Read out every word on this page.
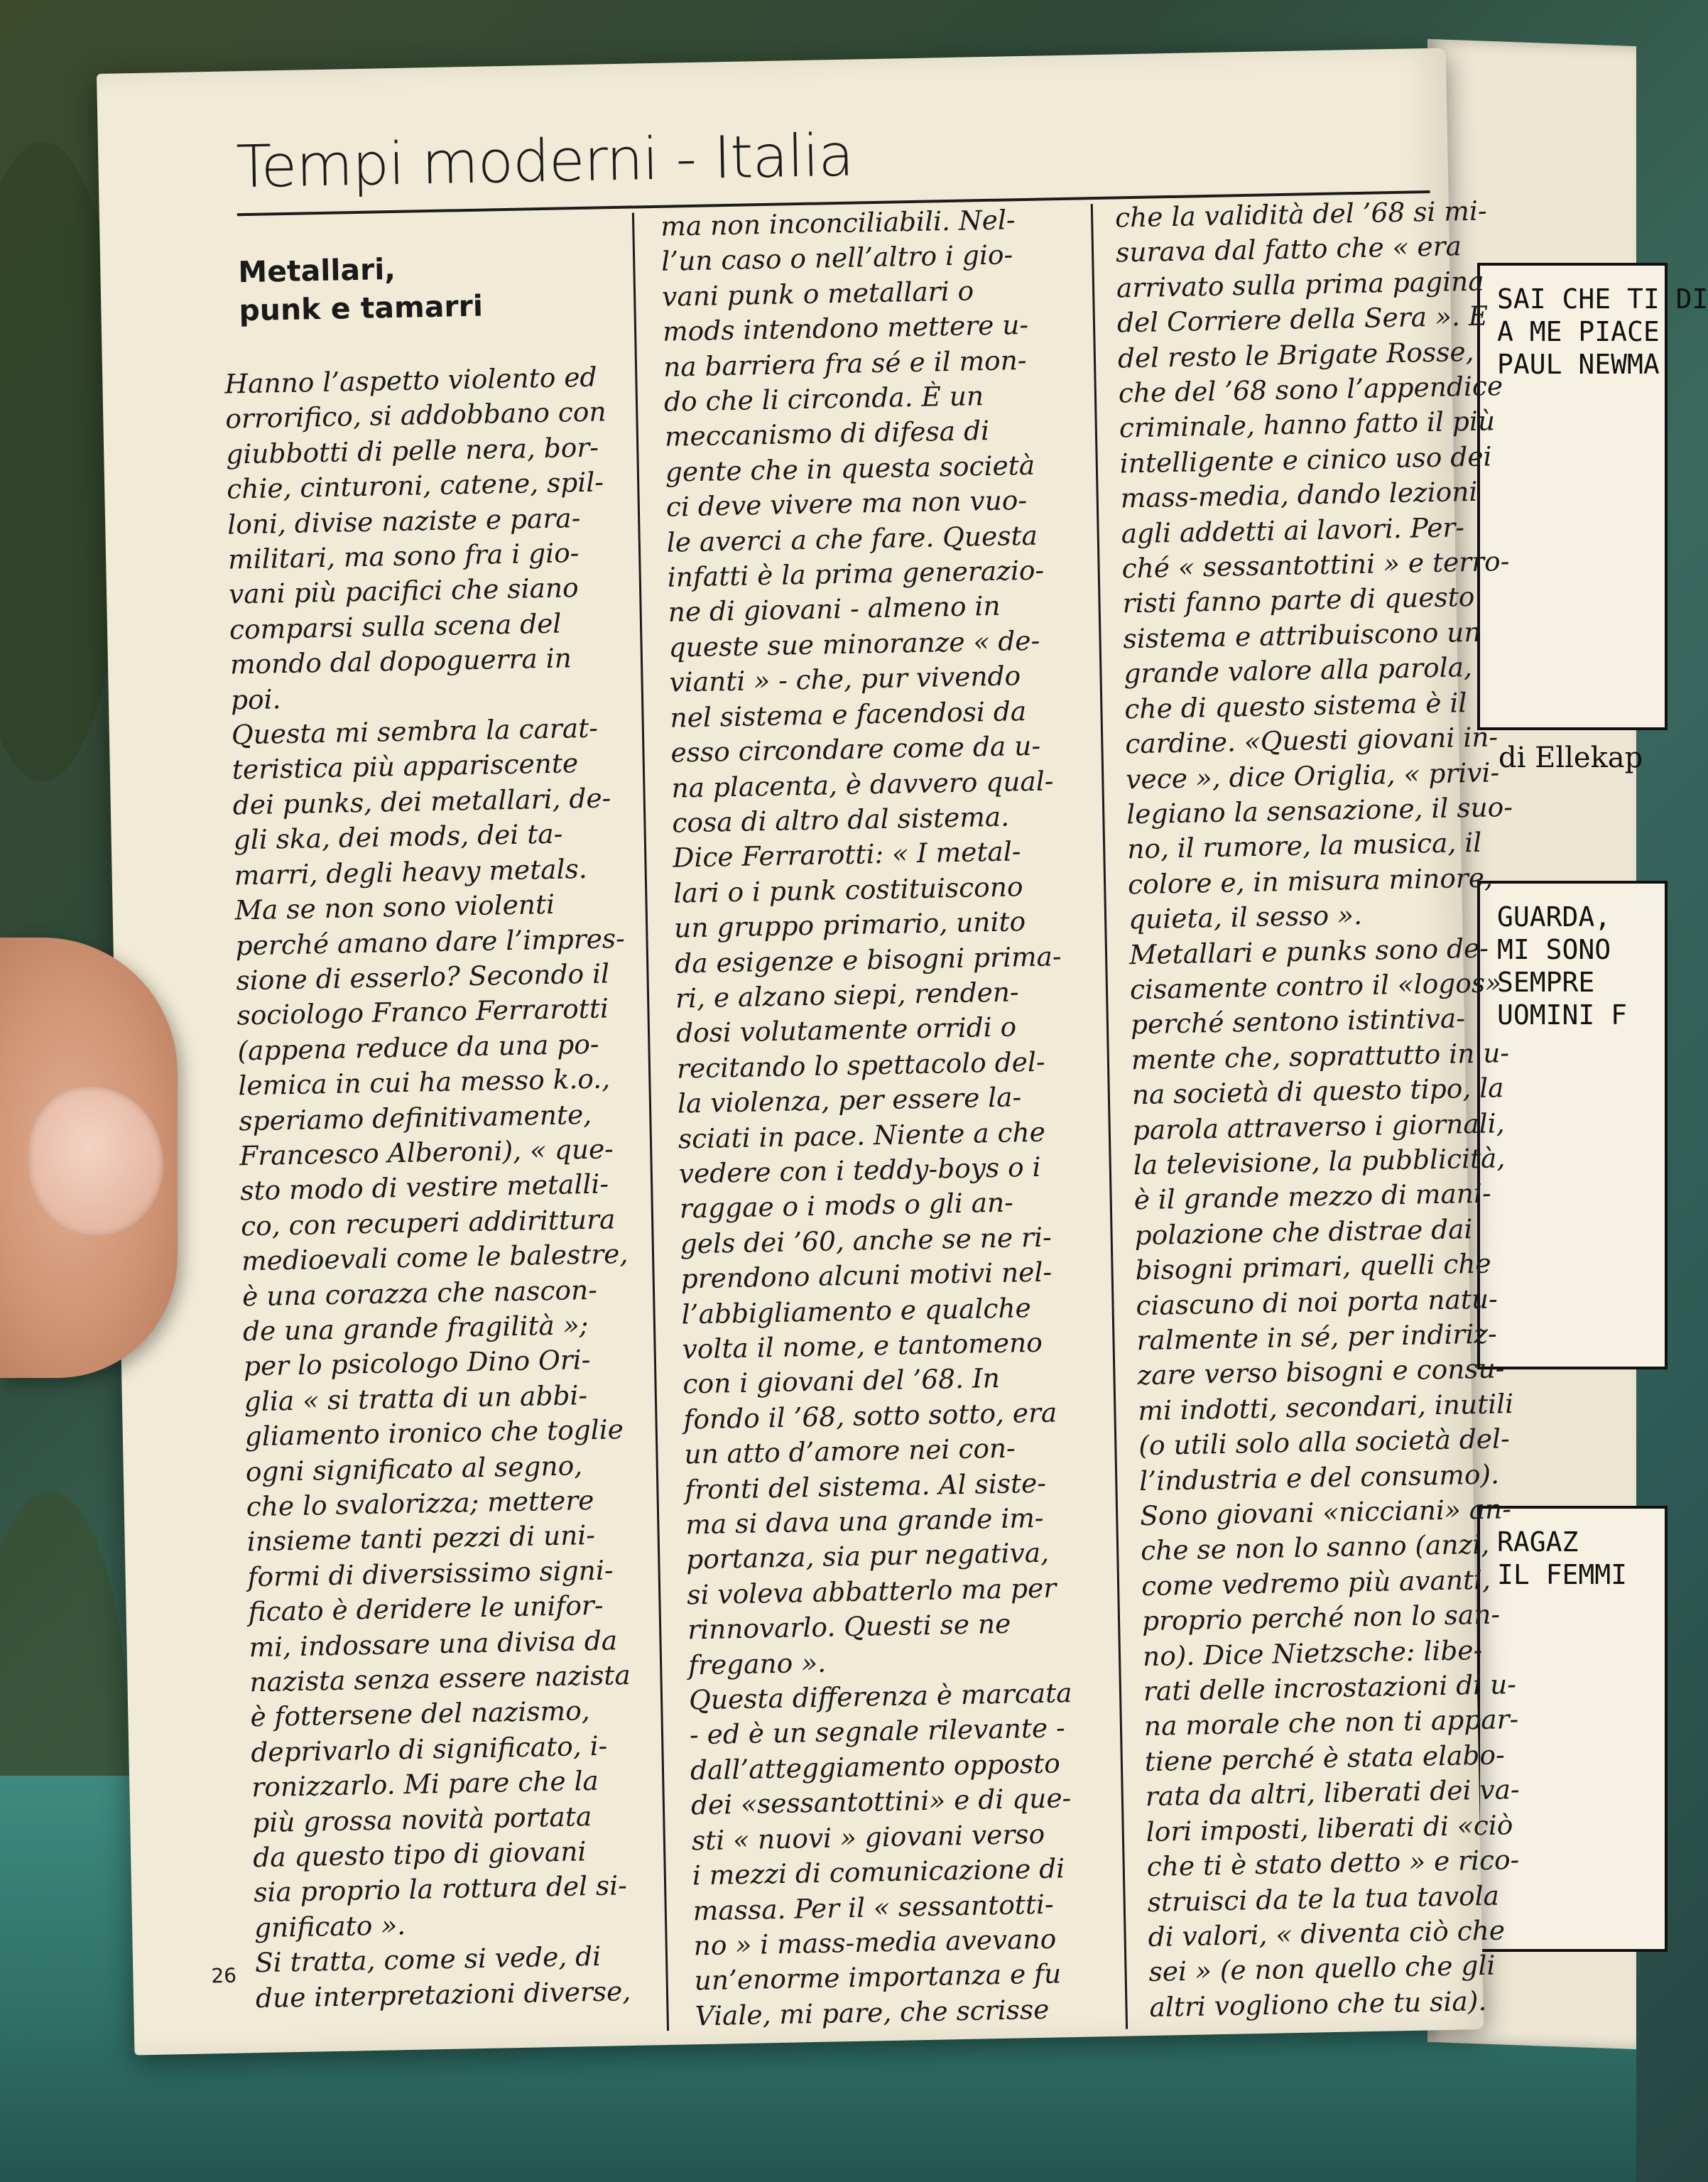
SAI CHE TI DI
A ME PIACE
PAUL NEWMA
di Ellekap
GUARDA,
MI SONO
SEMPRE
UOMINI F
RAGAZ
IL FEMMI
Tempi moderni - Italia
Metallari,
punk e tamarri

Hanno l’aspetto violento ed

orrorifico, si addobbano con

giubbotti di pelle nera, bor-

chie, cinturoni, catene, spil-

loni, divise naziste e para-

militari, ma sono fra i gio-

vani più pacifici che siano

comparsi sulla scena del

mondo dal dopoguerra in

poi.

Questa mi sembra la carat-

teristica più appariscente

dei punks, dei metallari, de-

gli ska, dei mods, dei ta-

marri, degli heavy metals.

Ma se non sono violenti

perché amano dare l’impres-

sione di esserlo? Secondo il

sociologo Franco Ferrarotti

(appena reduce da una po-

lemica in cui ha messo k.o.,

speriamo definitivamente,

Francesco Alberoni), « que-

sto modo di vestire metalli-

co, con recuperi addirittura

medioevali come le balestre,

è una corazza che nascon-

de una grande fragilità »;

per lo psicologo Dino Ori-

glia « si tratta di un abbi-

gliamento ironico che toglie

ogni significato al segno,

che lo svalorizza; mettere

insieme tanti pezzi di uni-

formi di diversissimo signi-

ficato è deridere le unifor-

mi, indossare una divisa da

nazista senza essere nazista

è fottersene del nazismo,

deprivarlo di significato, i-

ronizzarlo. Mi pare che la

più grossa novità portata

da questo tipo di giovani

sia proprio la rottura del si-

gnificato ».

Si tratta, come si vede, di

due interpretazioni diverse,

ma non inconciliabili. Nel-

l’un caso o nell’altro i gio-

vani punk o metallari o

mods intendono mettere u-

na barriera fra sé e il mon-

do che li circonda. È un

meccanismo di difesa di

gente che in questa società

ci deve vivere ma non vuo-

le averci a che fare. Questa

infatti è la prima generazio-

ne di giovani - almeno in

queste sue minoranze « de-

vianti » - che, pur vivendo

nel sistema e facendosi da

esso circondare come da u-

na placenta, è davvero qual-

cosa di altro dal sistema.

Dice Ferrarotti: « I metal-

lari o i punk costituiscono

un gruppo primario, unito

da esigenze e bisogni prima-

ri, e alzano siepi, renden-

dosi volutamente orridi o

recitando lo spettacolo del-

la violenza, per essere la-

sciati in pace. Niente a che

vedere con i teddy-boys o i

raggae o i mods o gli an-

gels dei ’60, anche se ne ri-

prendono alcuni motivi nel-

l’abbigliamento e qualche

volta il nome, e tantomeno

con i giovani del ’68. In

fondo il ’68, sotto sotto, era

un atto d’amore nei con-

fronti del sistema. Al siste-

ma si dava una grande im-

portanza, sia pur negativa,

si voleva abbatterlo ma per

rinnovarlo. Questi se ne

fregano ».

Questa differenza è marcata

- ed è un segnale rilevante -

dall’atteggiamento opposto

dei «sessantottini» e di que-

sti « nuovi » giovani verso

i mezzi di comunicazione di

massa. Per il « sessantotti-

no » i mass-media avevano

un’enorme importanza e fu

Viale, mi pare, che scrisse

che la validità del ’68 si mi-

surava dal fatto che « era

arrivato sulla prima pagina

del Corriere della Sera ». E

del resto le Brigate Rosse,

che del ’68 sono l’appendice

criminale, hanno fatto il più

intelligente e cinico uso dei

mass-media, dando lezioni

agli addetti ai lavori. Per-

ché « sessantottini » e terro-

risti fanno parte di questo

sistema e attribuiscono un

grande valore alla parola,

che di questo sistema è il

cardine. «Questi giovani in-

vece », dice Origlia, « privi-

legiano la sensazione, il suo-

no, il rumore, la musica, il

colore e, in misura minore,

quieta, il sesso ».

Metallari e punks sono de-

cisamente contro il «logos»

perché sentono istintiva-

mente che, soprattutto in u-

na società di questo tipo, la

parola attraverso i giornali,

la televisione, la pubblicità,

è il grande mezzo di mani-

polazione che distrae dai

bisogni primari, quelli che

ciascuno di noi porta natu-

ralmente in sé, per indiriz-

zare verso bisogni e consu-

mi indotti, secondari, inutili

(o utili solo alla società del-

l’industria e del consumo).

Sono giovani «nicciani» an-

che se non lo sanno (anzi,

come vedremo più avanti,

proprio perché non lo san-

no). Dice Nietzsche: libe-

rati delle incrostazioni di u-

na morale che non ti appar-

tiene perché è stata elabo-

rata da altri, liberati dei va-

lori imposti, liberati di «ciò

che ti è stato detto » e rico-

struisci da te la tua tavola

di valori, « diventa ciò che

sei » (e non quello che gli

altri vogliono che tu sia).

26
